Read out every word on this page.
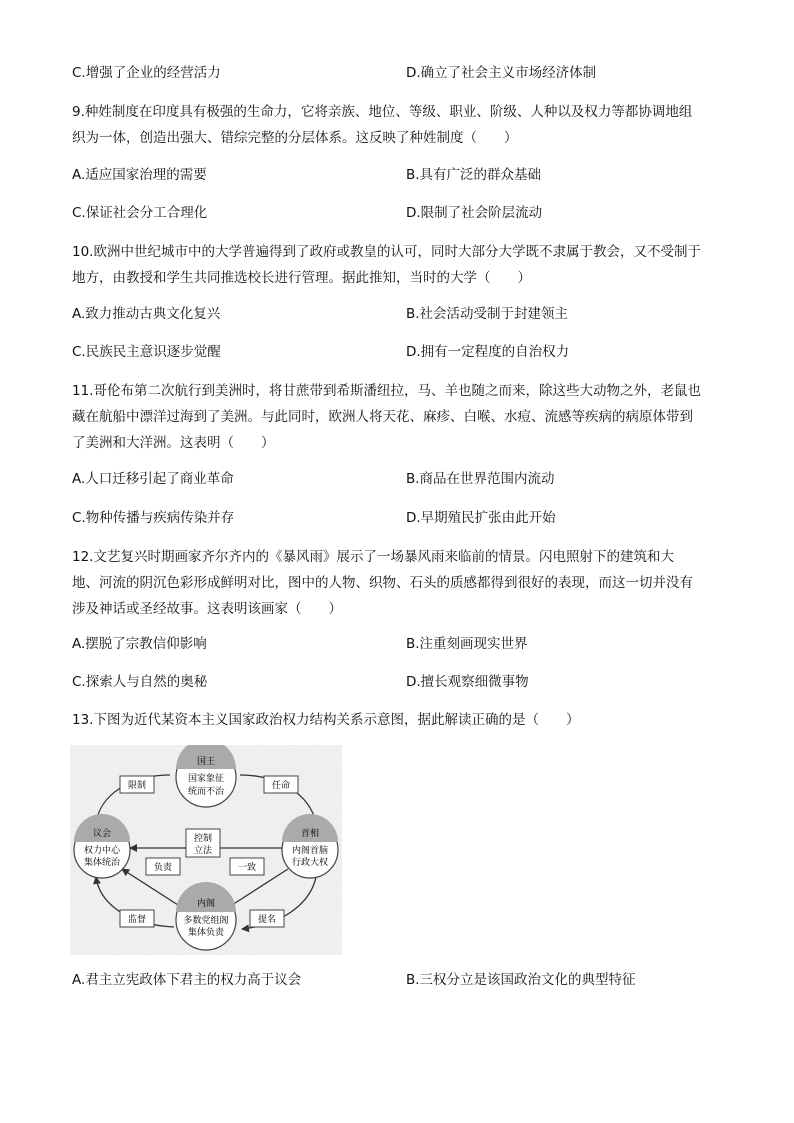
C.增强了企业的经营活力	D.确立了社会主义市场经济体制
9.种姓制度在印度具有极强的生命力，它将亲族、地位、等级、职业、阶级、人种以及权力等都协调地组
织为一体，创造出强大、错综完整的分层体系。这反映了种姓制度（　　）
A.适应国家治理的需要	B.具有广泛的群众基础
C.保证社会分工合理化	D.限制了社会阶层流动
10.欧洲中世纪城市中的大学普遍得到了政府或教皇的认可，同时大部分大学既不隶属于教会，又不受制于
地方，由教授和学生共同推选校长进行管理。据此推知，当时的大学（　　）
A.致力推动古典文化复兴	B.社会活动受制于封建领主
C.民族民主意识逐步觉醒	D.拥有一定程度的自治权力
11.哥伦布第二次航行到美洲时，将甘蔗带到希斯潘纽拉，马、羊也随之而来，除这些大动物之外，老鼠也
藏在航船中漂洋过海到了美洲。与此同时，欧洲人将天花、麻疹、白喉、水痘、流感等疾病的病原体带到
了美洲和大洋洲。这表明（　　）
A.人口迁移引起了商业革命	B.商品在世界范围内流动
C.物种传播与疾病传染并存	D.早期殖民扩张由此开始
12.文艺复兴时期画家齐尔齐内的《暴风雨》展示了一场暴风雨来临前的情景。闪电照射下的建筑和大
地、河流的阴沉色彩形成鲜明对比，图中的人物、织物、石头的质感都得到很好的表现，而这一切并没有
涉及神话或圣经故事。这表明该画家（　　）
A.摆脱了宗教信仰影响	B.注重刻画现实世界
C.探索人与自然的奥秘	D.擅长观察细微事物
13.下图为近代某资本主义国家政治权力结构关系示意图，据此解读正确的是（　　）
国王
国家象征
统而不治
议会
权力中心
集体统治
首相
内阁首脑
行政大权
内阁
多数党组阁
集体负责
限制	任命
控制
立法
负责	一致
监督	提名
A.君主立宪政体下君主的权力高于议会	B.三权分立是该国政治文化的典型特征
